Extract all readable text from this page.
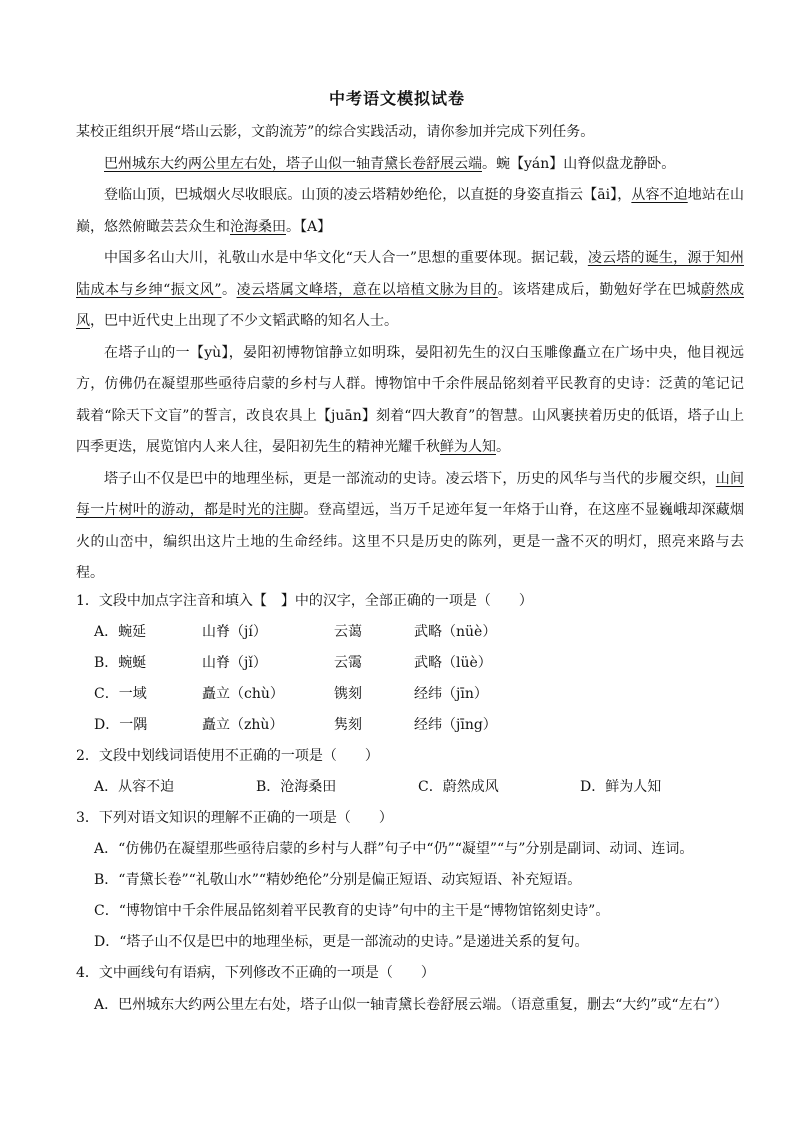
中考语文模拟试卷

某校正组织开展“塔山云影，文韵流芳”的综合实践活动，请你参加并完成下列任务。

巴州城东大约两公里左右处，塔子山似一轴青黛长卷舒展云端。蜿【yán】山脊似盘龙静卧。

登临山顶，巴城烟火尽收眼底。山顶的凌云塔精妙绝伦，以直挺的身姿直指云【āi】，从容不迫地站在山巅，悠然俯瞰芸芸众生和沧海桑田。【A】

中国多名山大川，礼敬山水是中华文化“天人合一”思想的重要体现。据记载，凌云塔的诞生，源于知州陆成本与乡绅“振文风”。凌云塔属文峰塔，意在以培植文脉为目的。该塔建成后，勤勉好学在巴城蔚然成风，巴中近代史上出现了不少文韬武略的知名人士。

在塔子山的一【yù】，晏阳初博物馆静立如明珠，晏阳初先生的汉白玉雕像矗立在广场中央，他目视远方，仿佛仍在凝望那些亟待启蒙的乡村与人群。博物馆中千余件展品铭刻着平民教育的史诗：泛黄的笔记记载着“除天下文盲”的誓言，改良农具上【juān】刻着“四大教育”的智慧。山风裹挟着历史的低语，塔子山上四季更迭，展览馆内人来人往，晏阳初先生的精神光耀千秋鲜为人知。

塔子山不仅是巴中的地理坐标，更是一部流动的史诗。凌云塔下，历史的风华与当代的步履交织，山间每一片树叶的游动，都是时光的注脚。登高望远，当万千足迹年复一年烙于山脊，在这座不显巍峨却深藏烟火的山峦中，编织出这片土地的生命经纬。这里不只是历史的陈列，更是一盏不灭的明灯，照亮来路与去程。

1．文段中加点字注音和填入【　】中的汉字，全部正确的一项是（　　）
A．蜿延	山脊（jí）	云蔼	武略（nüè）
B．蜿蜒	山脊（jǐ）	云霭	武略（lüè）
C．一域	矗立（chù）	镌刻	经纬（jīn）
D．一隅	矗立（zhù）	隽刻	经纬（jīng）
2．文段中划线词语使用不正确的一项是（　　）
A．从容不迫	B．沧海桑田	C．蔚然成风	D．鲜为人知
3．下列对语文知识的理解不正确的一项是（　　）
A．“仿佛仍在凝望那些亟待启蒙的乡村与人群”句子中“仍”“凝望”“与”分别是副词、动词、连词。
B．“青黛长卷”“礼敬山水”“精妙绝伦”分别是偏正短语、动宾短语、补充短语。
C．“博物馆中千余件展品铭刻着平民教育的史诗”句中的主干是“博物馆铭刻史诗”。
D．“塔子山不仅是巴中的地理坐标，更是一部流动的史诗。”是递进关系的复句。
4．文中画线句有语病，下列修改不正确的一项是（　　）
A．巴州城东大约两公里左右处，塔子山似一轴青黛长卷舒展云端。（语意重复，删去“大约”或“左右”）
